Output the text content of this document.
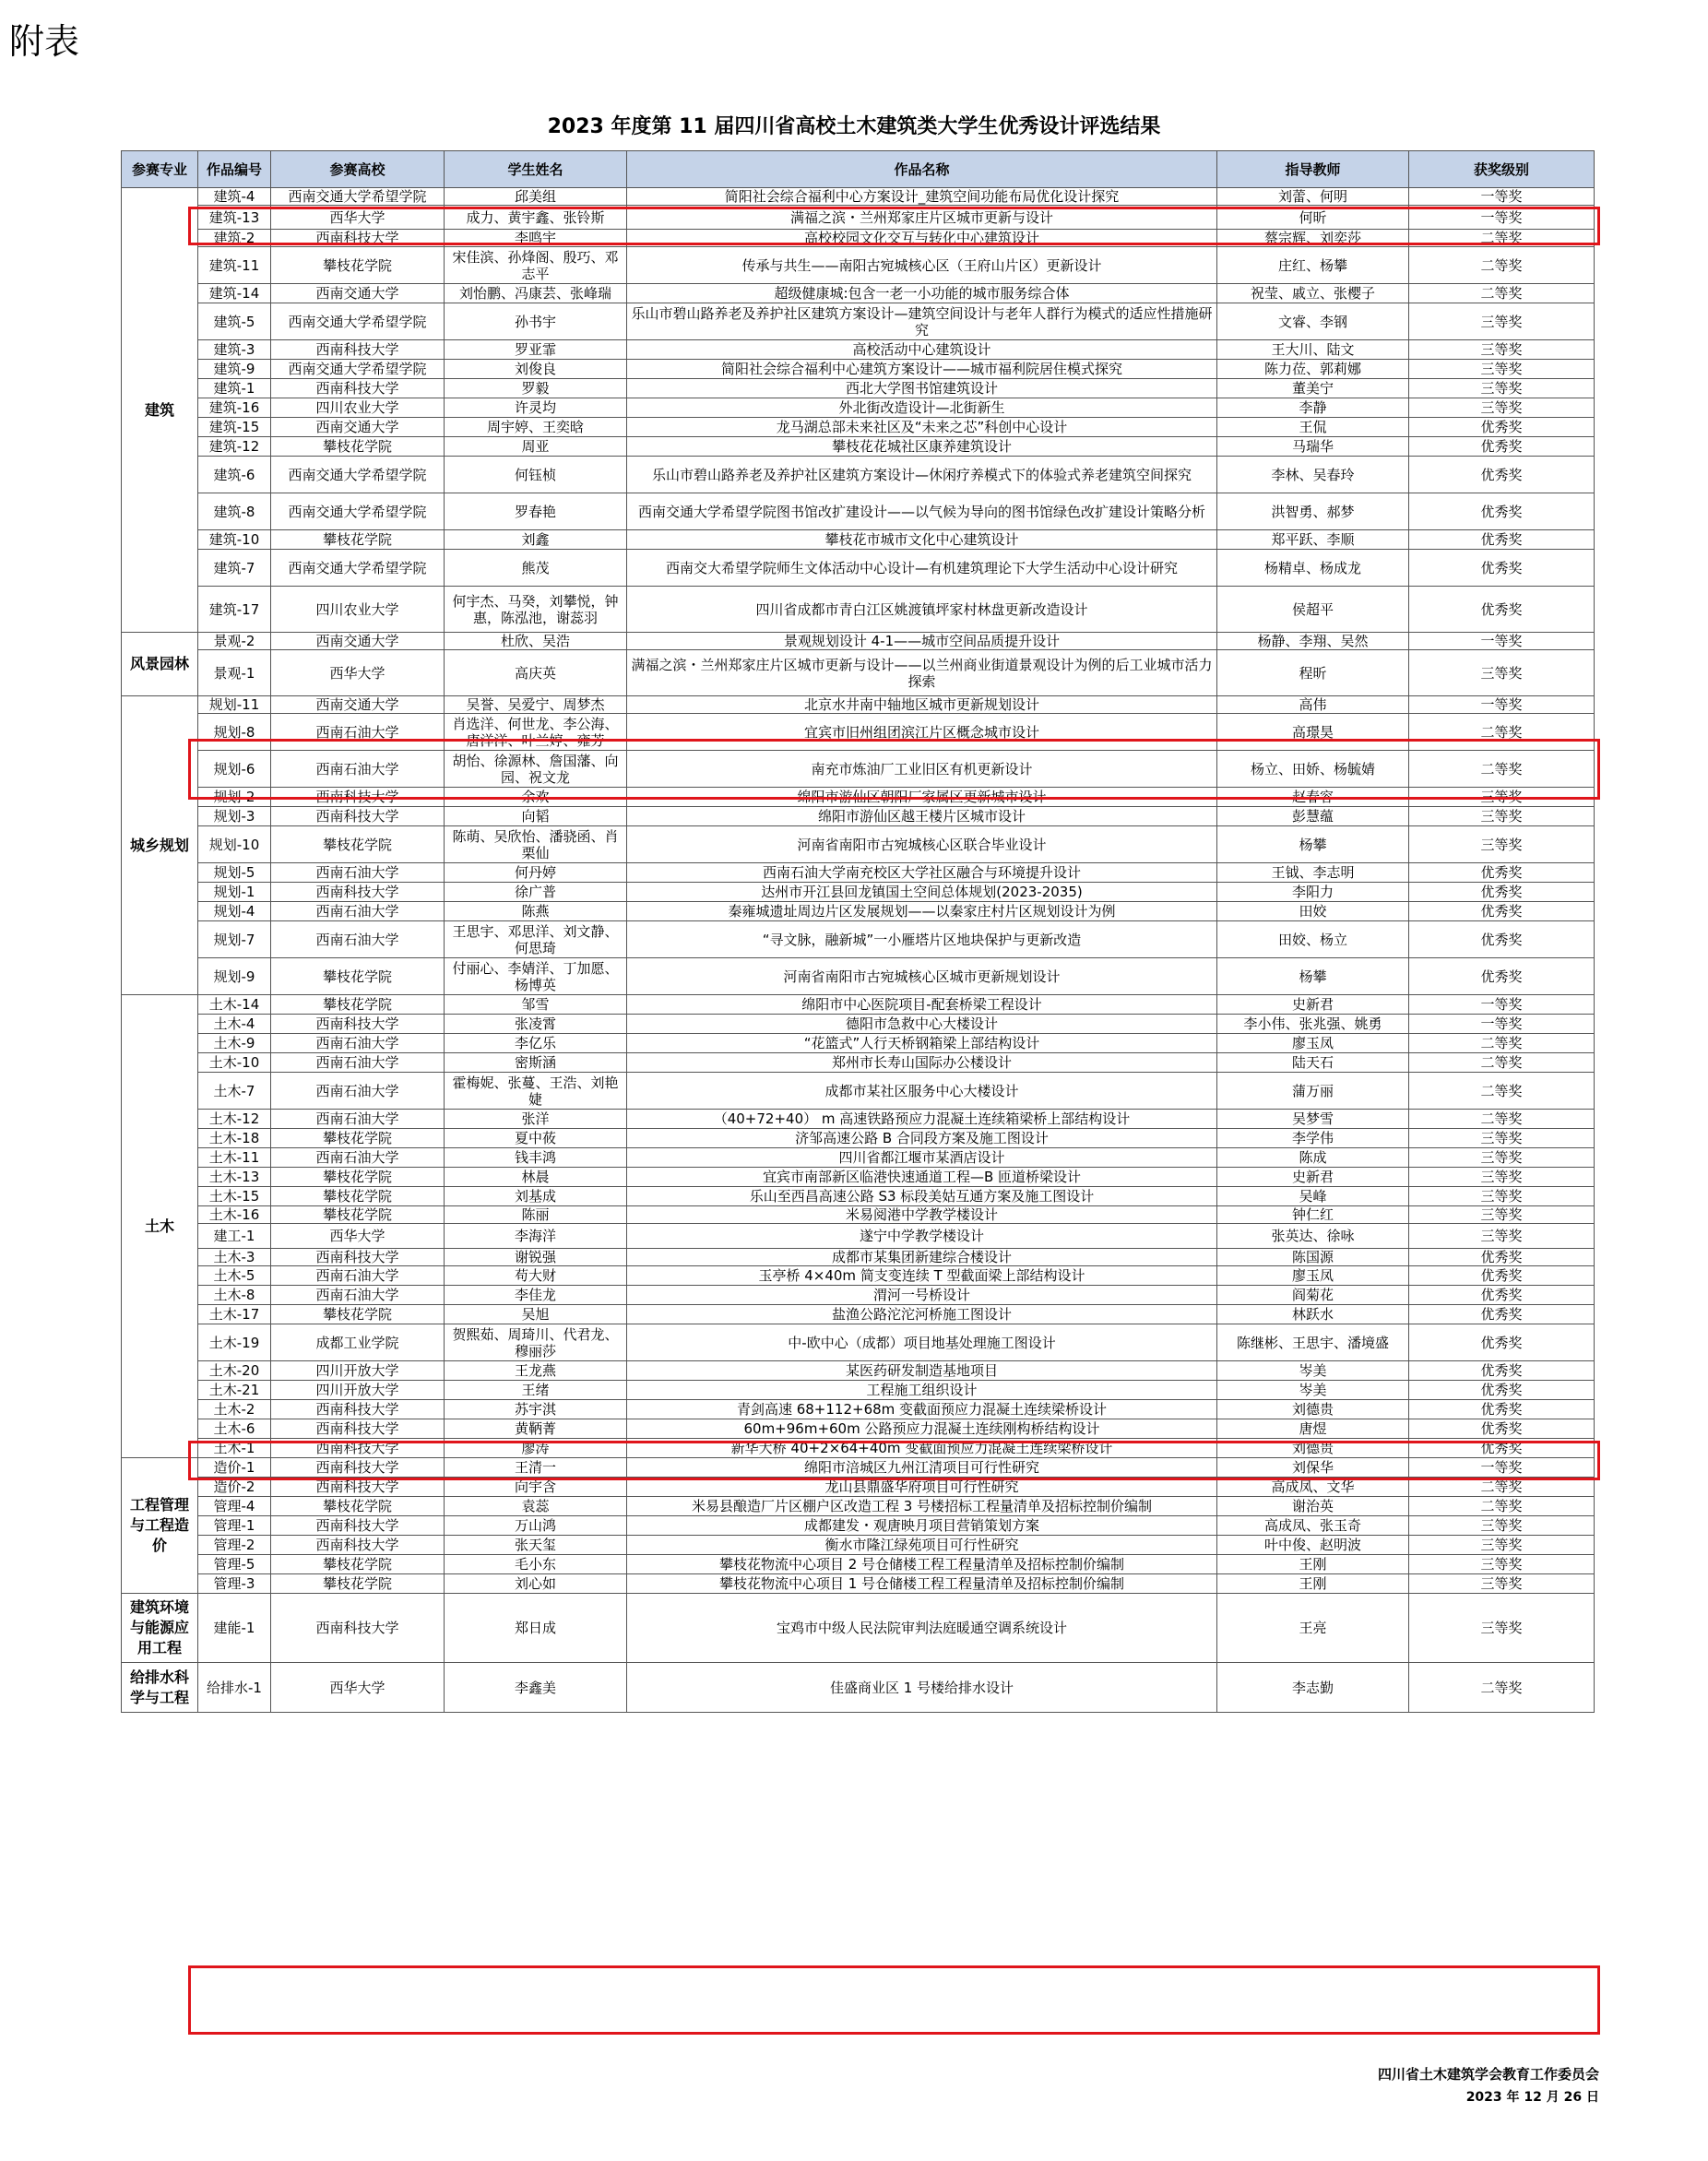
附表
2023 年度第 11 届四川省高校土木建筑类大学生优秀设计评选结果
参赛专业	作品编号	参赛高校	学生姓名	作品名称	指导教师	获奖级别
建筑	建筑-4	西南交通大学希望学院	邱美组	简阳社会综合福利中心方案设计_建筑空间功能布局优化设计探究	刘蕾、何明	一等奖
	建筑-13	西华大学	成力、黄宇鑫、张铃斯	满福之滨・兰州郑家庄片区城市更新与设计	何昕	一等奖
	建筑-2	西南科技大学	李鸣宇	高校校园文化交互与转化中心建筑设计	蔡宗辉、刘奕莎	二等奖
	建筑-11	攀枝花学院	宋佳滨、孙烽阁、殷巧、邓志平	传承与共生——南阳古宛城核心区（王府山片区）更新设计	庄红、杨攀	二等奖
	建筑-14	西南交通大学	刘怡鹏、冯康芸、张峰瑞	超级健康城:包含一老一小功能的城市服务综合体	祝莹、戚立、张樱子	二等奖
	建筑-5	西南交通大学希望学院	孙书宇	乐山市碧山路养老及养护社区建筑方案设计—建筑空间设计与老年人群行为模式的适应性措施研究	文睿、李钢	三等奖
	建筑-3	西南科技大学	罗亚霏	高校活动中心建筑设计	王大川、陆文	三等奖
	建筑-9	西南交通大学希望学院	刘俊良	简阳社会综合福利中心建筑方案设计——城市福利院居住模式探究	陈力莅、郭莉娜	三等奖
	建筑-1	西南科技大学	罗毅	西北大学图书馆建筑设计	董美宁	三等奖
	建筑-16	四川农业大学	许灵均	外北街改造设计—北街新生	李静	三等奖
	建筑-15	西南交通大学	周宇婷、王奕晗	龙马湖总部未来社区及“未来之芯”科创中心设计	王侃	优秀奖
	建筑-12	攀枝花学院	周亚	攀枝花花城社区康养建筑设计	马瑞华	优秀奖
	建筑-6	西南交通大学希望学院	何钰桢	乐山市碧山路养老及养护社区建筑方案设计—休闲疗养模式下的体验式养老建筑空间探究	李林、吴春玲	优秀奖
	建筑-8	西南交通大学希望学院	罗春艳	西南交通大学希望学院图书馆改扩建设计——以气候为导向的图书馆绿色改扩建设计策略分析	洪智勇、郝梦	优秀奖
	建筑-10	攀枝花学院	刘鑫	攀枝花市城市文化中心建筑设计	郑平跃、李顺	优秀奖
	建筑-7	西南交通大学希望学院	熊茂	西南交大希望学院师生文体活动中心设计—有机建筑理论下大学生活动中心设计研究	杨精卓、杨成龙	优秀奖
	建筑-17	四川农业大学	何宇杰、马癸，刘攀悦，钟惠，陈泓池，谢蕊羽	四川省成都市青白江区姚渡镇坪家村林盘更新改造设计	侯超平	优秀奖
风景园林	景观-2	西南交通大学	杜欣、吴浩	景观规划设计 4-1——城市空间品质提升设计	杨静、李翔、吴然	一等奖
	景观-1	西华大学	高庆英	满福之滨・兰州郑家庄片区城市更新与设计——以兰州商业街道景观设计为例的后工业城市活力探索	程昕	三等奖
城乡规划	规划-11	西南交通大学	吴誉、吴爱宁、周梦杰	北京水井南中轴地区城市更新规划设计	高伟	一等奖
	规划-8	西南石油大学	肖选洋、何世龙、李公海、唐洋洋、叶兰婷、雍芳	宜宾市旧州组团滨江片区概念城市设计	高璟昊	二等奖
	规划-6	西南石油大学	胡怡、徐源林、詹国藩、向园、祝文龙	南充市炼油厂工业旧区有机更新设计	杨立、田娇、杨毓婧	二等奖
	规划-2	西南科技大学	余欢	绵阳市游仙区朝阳厂家属区更新城市设计	赵春容	三等奖
	规划-3	西南科技大学	向韬	绵阳市游仙区越王楼片区城市设计	彭慧蕴	三等奖
	规划-10	攀枝花学院	陈萌、吴欣怡、潘骁函、肖栗仙	河南省南阳市古宛城核心区联合毕业设计	杨攀	三等奖
	规划-5	西南石油大学	何丹婷	西南石油大学南充校区大学社区融合与环境提升设计	王钺、李志明	优秀奖
	规划-1	西南科技大学	徐广普	达州市开江县回龙镇国土空间总体规划(2023-2035)	李阳力	优秀奖
	规划-4	西南石油大学	陈燕	秦雍城遗址周边片区发展规划——以秦家庄村片区规划设计为例	田姣	优秀奖
	规划-7	西南石油大学	王思宇、邓思洋、刘文静、何思琦	“寻文脉，融新城”一小雁塔片区地块保护与更新改造	田姣、杨立	优秀奖
	规划-9	攀枝花学院	付丽心、李婧洋、丁加愿、杨博英	河南省南阳市古宛城核心区城市更新规划设计	杨攀	优秀奖
土木	土木-14	攀枝花学院	邹雪	绵阳市中心医院项目-配套桥梁工程设计	史新君	一等奖
	土木-4	西南科技大学	张凌霄	德阳市急救中心大楼设计	李小伟、张兆强、姚勇	一等奖
	土木-9	西南石油大学	李亿乐	“花篮式”人行天桥钢箱梁上部结构设计	廖玉凤	二等奖
	土木-10	西南石油大学	密斯涵	郑州市长寿山国际办公楼设计	陆天石	二等奖
	土木-7	西南石油大学	霍梅妮、张蔓、王浩、刘艳婕	成都市某社区服务中心大楼设计	蒲万丽	二等奖
	土木-12	西南石油大学	张洋	（40+72+40） m 高速铁路预应力混凝土连续箱梁桥上部结构设计	吴梦雪	二等奖
	土木-18	攀枝花学院	夏中莜	济邹高速公路 B 合同段方案及施工图设计	李学伟	三等奖
	土木-11	西南石油大学	钱丰鸿	四川省都江堰市某酒店设计	陈成	三等奖
	土木-13	攀枝花学院	林晨	宜宾市南部新区临港快速通道工程—B 匝道桥梁设计	史新君	三等奖
	土木-15	攀枝花学院	刘基成	乐山至西昌高速公路 S3 标段美姑互通方案及施工图设计	吴峰	三等奖
	土木-16	攀枝花学院	陈丽	米易阅港中学教学楼设计	钟仁红	三等奖
	建工-1	西华大学	李海洋	遂宁中学教学楼设计	张英达、徐咏	三等奖
	土木-3	西南科技大学	谢锐强	成都市某集团新建综合楼设计	陈国源	优秀奖
	土木-5	西南石油大学	苟大财	玉亭桥 4×40m 简支变连续 T 型截面梁上部结构设计	廖玉凤	优秀奖
	土木-8	西南石油大学	李佳龙	渭河一号桥设计	阎菊花	优秀奖
	土木-17	攀枝花学院	吴旭	盐渔公路沱沱河桥施工图设计	林跃水	优秀奖
	土木-19	成都工业学院	贺熙茹、周琦川、代君龙、穆丽莎	中-欧中心（成都）项目地基处理施工图设计	陈继彬、王思宇、潘境盛	优秀奖
	土木-20	四川开放大学	王龙燕	某医药研发制造基地项目	岑美	优秀奖
	土木-21	四川开放大学	王绪	工程施工组织设计	岑美	优秀奖
	土木-2	西南科技大学	苏宇淇	青剑高速 68+112+68m 变截面预应力混凝土连续梁桥设计	刘德贵	优秀奖
	土木-6	西南科技大学	黄鞆菁	60m+96m+60m 公路预应力混凝土连续刚构桥结构设计	唐煜	优秀奖
	土木-1	西南科技大学	廖涛	新华大桥 40+2×64+40m 变截面预应力混凝土连续梁桥设计	刘德贵	优秀奖
工程管理与工程造价	造价-1	西南科技大学	王清一	绵阳市涪城区九州江清项目可行性研究	刘保华	一等奖
	造价-2	西南科技大学	向宇含	龙山县鼎盛华府项目可行性研究	高成凤、文华	二等奖
	管理-4	攀枝花学院	袁蕊	米易县酿造厂片区棚户区改造工程 3 号楼招标工程量清单及招标控制价编制	谢治英	二等奖
	管理-1	西南科技大学	万山鸿	成都建发・观唐映月项目营销策划方案	高成凤、张玉奇	三等奖
	管理-2	西南科技大学	张天玺	衡水市隆江绿苑项目可行性研究	叶中俊、赵明波	三等奖
	管理-5	攀枝花学院	毛小东	攀枝花物流中心项目 2 号仓储楼工程工程量清单及招标控制价编制	王刚	三等奖
	管理-3	攀枝花学院	刘心如	攀枝花物流中心项目 1 号仓储楼工程工程量清单及招标控制价编制	王刚	三等奖
建筑环境与能源应用工程	建能-1	西南科技大学	郑日成	宝鸡市中级人民法院审判法庭暖通空调系统设计	王亮	三等奖
给排水科学与工程	给排水-1	西华大学	李鑫美	佳盛商业区 1 号楼给排水设计	李志勤	二等奖
四川省土木建筑学会教育工作委员会
2023 年 12 月 26 日
